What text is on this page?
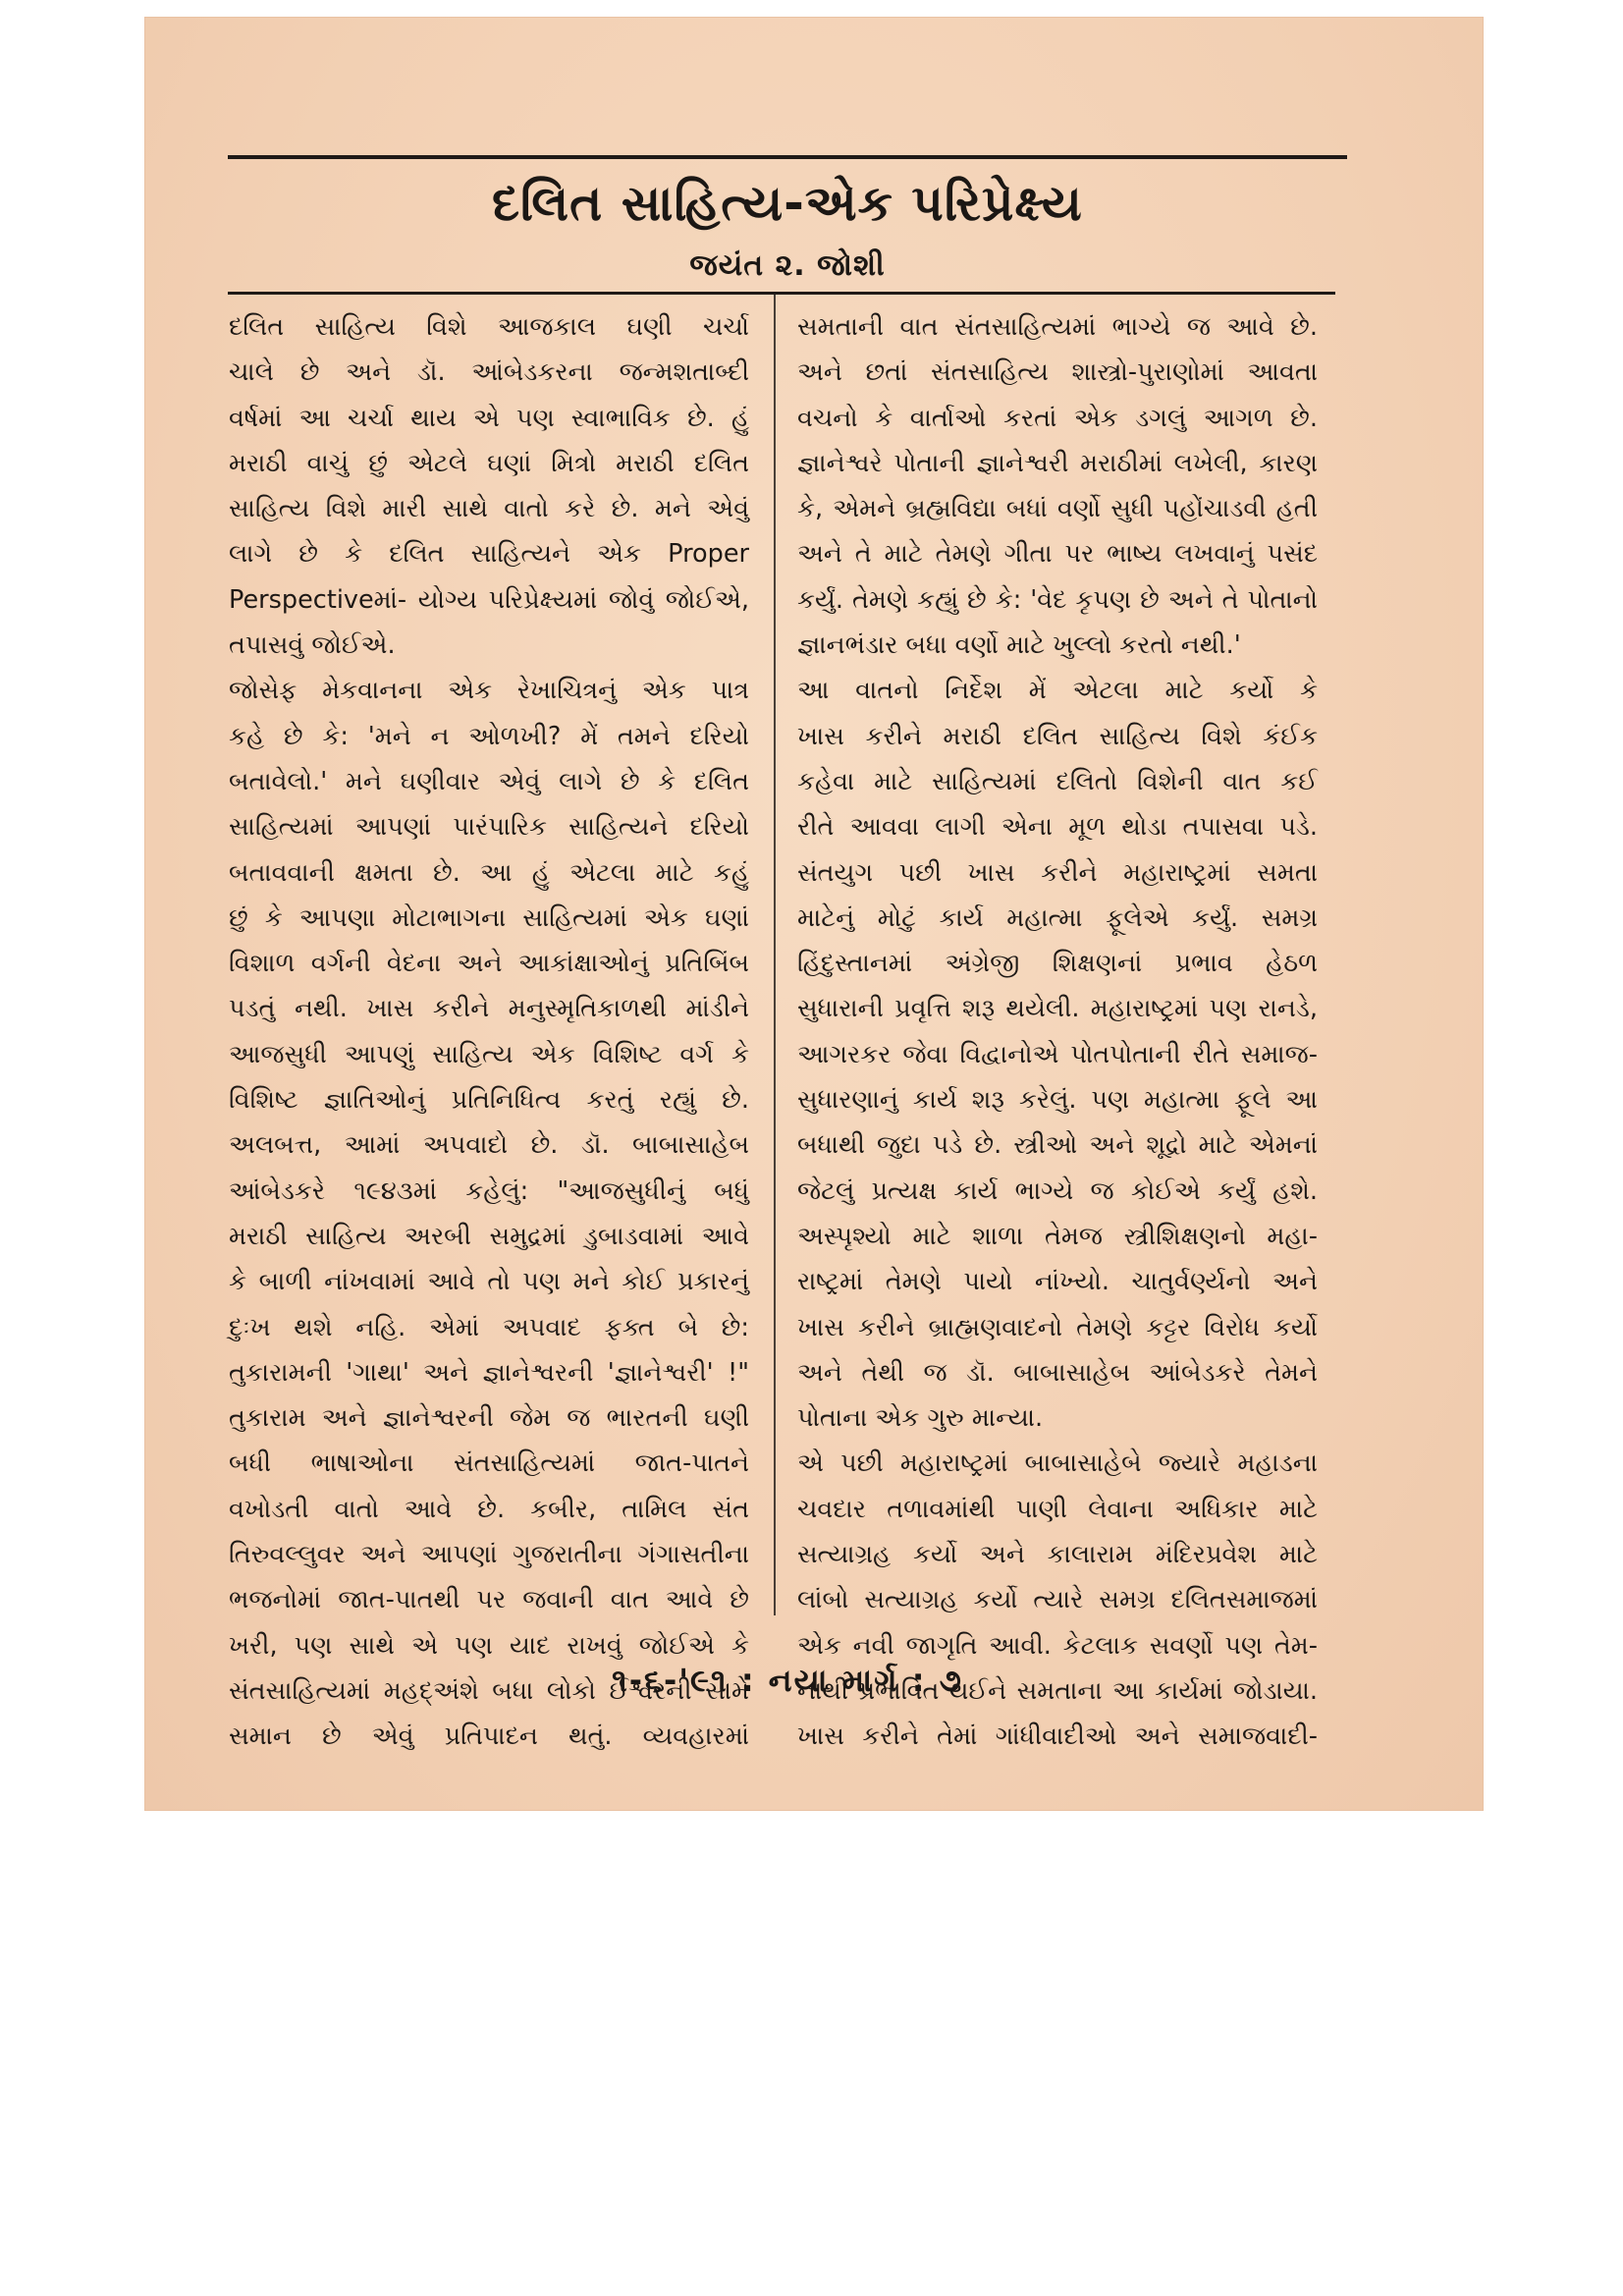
દલિત સાહિત્ય-એક પરિપ્રેક્ષ્ય
જયંત ૨. જોશી

દલિત સાહિત્ય વિશે આજકાલ ઘણી ચર્ચા

ચાલે છે અને ડૉ. આંબેડકરના જન્મશતાબ્દી

વર્ષમાં આ ચર્ચા થાય એ પણ સ્વાભાવિક છે. હું

મરાઠી વાચું છું એટલે ઘણાં મિત્રો મરાઠી દલિત

સાહિત્ય વિશે મારી સાથે વાતો કરે છે. મને એવું

લાગે છે કે દલિત સાહિત્યને એક Proper

Perspectiveમાં- યોગ્ય પરિપ્રેક્ષ્યમાં જોવું જોઈએ,

તપાસવું જોઈએ.

જોસેફ મેકવાનના એક રેખાચિત્રનું એક પાત્ર

કહે છે કે: 'મને ન ઓળખી? મેં તમને દરિયો

બતાવેલો.' મને ઘણીવાર એવું લાગે છે કે દલિત

સાહિત્યમાં આપણાં પારંપારિક સાહિત્યને દરિયો

બતાવવાની ક્ષમતા છે. આ હું એટલા માટે કહું

છું કે આપણા મોટાભાગના સાહિત્યમાં એક ઘણાં

વિશાળ વર્ગની વેદના અને આકાંક્ષાઓનું પ્રતિબિંબ

પડતું નથી. ખાસ કરીને મનુસ્મૃતિકાળથી માંડીને

આજસુધી આપણું સાહિત્ય એક વિશિષ્ટ વર્ગ કે

વિશિષ્ટ જ્ઞાતિઓનું પ્રતિનિધિત્વ કરતું રહ્યું છે.

અલબત્ત, આમાં અપવાદો છે. ડૉ. બાબાસાહેબ

આંબેડકરે ૧૯૪૩માં કહેલું: "આજસુધીનું બધું

મરાઠી સાહિત્ય અરબી સમુદ્રમાં ડુબાડવામાં આવે

કે બાળી નાંખવામાં આવે તો પણ મને કોઈ પ્રકારનું

દુઃખ થશે નહિ. એમાં અપવાદ ફક્ત બે છે:

તુકારામની 'ગાથા' અને જ્ઞાનેશ્વરની 'જ્ઞાનેશ્વરી' !"

તુકારામ અને જ્ઞાનેશ્વરની જેમ જ ભારતની ઘણી

બધી ભાષાઓના સંતસાહિત્યમાં જાત-પાતને

વખોડતી વાતો આવે છે. કબીર, તામિલ સંત

તિરુવલ્લુવર અને આપણાં ગુજરાતીના ગંગાસતીના

ભજનોમાં જાત-પાતથી પર જવાની વાત આવે છે

ખરી, પણ સાથે એ પણ યાદ રાખવું જોઈએ કે

સંતસાહિત્યમાં મહદ્અંશે બધા લોકો ઈશ્વરની સામે

સમાન છે એવું પ્રતિપાદન થતું. વ્યવહારમાં

સમતાની વાત સંતસાહિત્યમાં ભાગ્યે જ આવે છે.

અને છતાં સંતસાહિત્ય શાસ્ત્રો-પુરાણોમાં આવતા

વચનો કે વાર્તાઓ કરતાં એક ડગલું આગળ છે.

જ્ઞાનેશ્વરે પોતાની જ્ઞાનેશ્વરી મરાઠીમાં લખેલી, કારણ

કે, એમને બ્રહ્મવિદ્યા બધાં વર્ણો સુધી પહોંચાડવી હતી

અને તે માટે તેમણે ગીતા પર ભાષ્ય લખવાનું પસંદ

કર્યું. તેમણે કહ્યું છે કે: 'વેદ કૃપણ છે અને તે પોતાનો

જ્ઞાનભંડાર બધા વર્ણો માટે ખુલ્લો કરતો નથી.'

આ વાતનો નિર્દેશ મેં એટલા માટે કર્યો કે

ખાસ કરીને મરાઠી દલિત સાહિત્ય વિશે કંઈક

કહેવા માટે સાહિત્યમાં દલિતો વિશેની વાત કઈ

રીતે આવવા લાગી એના મૂળ થોડા તપાસવા પડે.

સંતયુગ પછી ખાસ કરીને મહારાષ્ટ્રમાં સમતા

માટેનું મોટું કાર્ય મહાત્મા ફૂલેએ કર્યું. સમગ્ર

હિંદુસ્તાનમાં અંગ્રેજી શિક્ષણનાં પ્રભાવ હેઠળ

સુધારાની પ્રવૃત્તિ શરૂ થયેલી. મહારાષ્ટ્રમાં પણ રાનડે,

આગરકર જેવા વિદ્વાનોએ પોતપોતાની રીતે સમાજ-

સુધારણાનું કાર્ય શરૂ કરેલું. પણ મહાત્મા ફૂલે આ

બધાથી જુદા પડે છે. સ્ત્રીઓ અને શૂદ્રો માટે એમનાં

જેટલું પ્રત્યક્ષ કાર્ય ભાગ્યે જ કોઈએ કર્યું હશે.

અસ્પૃશ્યો માટે શાળા તેમજ સ્ત્રીશિક્ષણનો મહા-

રાષ્ટ્રમાં તેમણે પાયો નાંખ્યો. ચાતુર્વર્ણ્યનો અને

ખાસ કરીને બ્રાહ્મણવાદનો તેમણે કટ્ટર વિરોધ કર્યો

અને તેથી જ ડૉ. બાબાસાહેબ આંબેડકરે તેમને

પોતાના એક ગુરુ માન્યા.

એ પછી મહારાષ્ટ્રમાં બાબાસાહેબે જ્યારે મહાડના

ચવદાર તળાવમાંથી પાણી લેવાના અધિકાર માટે

સત્યાગ્રહ કર્યો અને કાલારામ મંદિરપ્રવેશ માટે

લાંબો સત્યાગ્રહ કર્યો ત્યારે સમગ્ર દલિતસમાજમાં

એક નવી જાગૃતિ આવી. કેટલાક સવર્ણો પણ તેમ-

નાથી પ્રભાવિત થઈને સમતાના આ કાર્યમાં જોડાયા.

ખાસ કરીને તેમાં ગાંધીવાદીઓ અને સમાજવાદી-

૧-૬-'૯૧ : નયા માર્ગ : ૭
